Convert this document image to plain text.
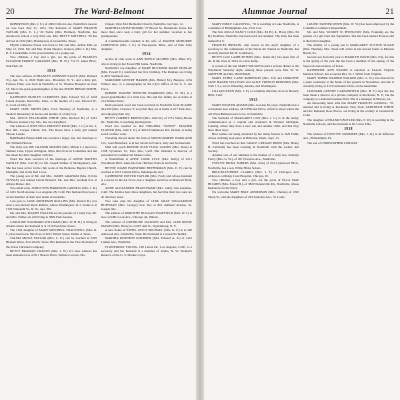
20	The Ward-Belmont	Alumnae Journal	21

ROBERTSON (Mrs. I. E.) of 2600 Clifton Lane, Nashville's newest tot was born July 21, 1931. The husband of MARY HEATON TAYLOR (Mrs. E. L.) '29 Treble (Mrs. Holmes), Nashville, has enrolled in school a very little one. Mrs. BETTY MITCHELL '30 has arrived in 1932 (Mrs. Henderson) of Greenville, Texas.

Phyllis Catherine Eason was born to Mr. and Mrs. Arthur Ellis on May 12, 1932. Mr. and Mrs. Frank Shearer, Jackson, (Mrs. I. R.) Mrs. R. F. Loudermilk, is the proud mother of a young son.

Two children, a boy and a girl, are the pride of FRANCES ELEANOR PRIDDY CARAWAY (Mrs. H. W.), 712 N. Ames Blvd., Oak Park, Ill.

1930

The new address of FRANCES JOHNSON SAUCE (Mrs. Richard W.), Apt. No. 4, 2020 Ninth Ave., Brooklyn, N. Y., and a little girl, Frances Ellen, was born in Nashville at St. Thomas Hospital on June 10. She is the great-granddaughter of the late JESSIE BRYAN SMITH, Louisville.

KATHLEEN DUDLEY CLEMENTS (Mrs. Edward W.) of 1618 Laurel Avenue, Knoxville, Tenn., is the mother of a son, Edward W., Jr., born on May 10.

MARY JANE SMITH (Mrs. Ford Thomas) of Nashville, is a medical missionary in Korea and mother of a baby boy.

Mrs. JOYCE PELLEGRINI WHITE (Mrs. Richard B.) of 2201 Jefferson, Kansas City, Mo., has two daughters.

The address of JUNE NELL PREWITT ROSE (Mrs. J. C.) is No. 2, Box 661, Corpus Christi, Tex. The Roses have a baby girl named Sharon Louise.

BARBARA HAGGARD has reached a happy day, her marriage to Mr. William Horton.

The baby son JOE CRANOR MOODY (Mrs. Milton L.) moved to Sumner Lane, Upper Arlington, Ohio. Rita lives in Columbus and she has taken her little daughter with her.

Word has been received of the marriage of ANNIE HAVENS SAVILLE (Mrs. Carl M.) to Mr. Joseph Walker of Montgomery, Ala. She has been active in the club work of the Bellevue Baptist Church, Memphis, and in the Red Cross.

The young son of Mr. and Mrs. JAMES GRAHAM (Mrs. JULIA TUSSLE) was named David Bernard. Mr. and Mrs. Graham live at Albion Manor, Ind.

Two small sons, JUDD LYNN HARRISON CARNELL (Mrs. J. D.) of 1401 North Avenue, Los Angeles 28, Calif. Her husband has been a recent member of their new home in Glendale.

Last year to JANE ANDERSON ROLLINS (Mrs. Robert B.) was born a son, Robert Ryan Rollins, whose Washington, D. C. home is at 1509 Sixteenth St., N. W., Apt. 302.

Mr. and Mrs. MAURY WALLER are the parents of a baby boy. Mr. and Mrs. Waller are still living at 3806 Park Avenue.

CAROLINE WOODARD WILLIAMS (Mrs. W. H. B.) is living in Atlanta where her husband is at 1310 Peachtree Street.

The 1300 daughter of MARY MITCHELL TRACEWELL (Mrs. R. L.) has been born. She lives at 4015 Nichol Street, Dallas 4, Texas.

TALMA MICKS TAYLOR (Mrs. C. E.) can be reached at 5205 Hialeah Drive, Fort Worth, Texas. Her husband is the Vice-President of the Texas Christian Company.

BETTY BRAMAN CRAVEN (Mrs. I. W.) Jr.'s new address has been announced as of 811 Sharon Drive, Webster Groves, Mo.

Chapel, West End Methodist Church, Nashville, last Sept. 12.

MARTHA LOUISE MOORE, '37 Brown St., Beaumont, Texas, has more than once took a baby girl for her summer vacation to her grandparents.

A Commonwealth resident is the wife of JOANNE McMURRY COMSTOCK (Mrs. J. E.) of Pascagoula, Miss., and of their baby daughter.

1934

Active in club work is ANN BOYLE McGHEE (Mrs. Mike W.), who is living in her Forest Hill home, Nashville.

Nashville's top daughter of MARY BUCKNER MARY DUNLAP (Mrs. Powell E.) celebrated her first birthday. The Dunlaps are living at 4011 Seminole Ave.

MARJORIE GENTRY HARRIS (Mrs. Hubert M.), Burgess, 1234 Willow Ave., is a stenographer in the City's Office of the U. S. Air Force.

ROBBIE JOANNE SPENCER HARRISON (Mrs. W. M.) is a proud grandmother of a little boy. She and her family are at home at 214 Walnut Drive.

Kind personal word has been received in Nashville from ELAINE ALLEN (Mrs. Clarence T. Lee) that they are at home at 617 Park Ave., and enjoying their city.

BETTY CORBITT BROWN (Mrs. John W.) of 1731 Valley Brook Dr., Nashville, is teaching kindergarten.

Word has reached us that VIRGINIA "SUNNY" FRAZIER FLOWER (Mrs. John T. Jr.) of 4924 Frankmoore Rd., Detroit, is doing social welfare work.

Traveling abroad under the firm of MONTGOMERY WARD AND CO., Joan Bransford, is in her travels in France, Italy and Switzerland.

Mail will reach BONNIE JEAN FLICK GOODY (Mrs. Peter) at 1508 Sycamore St., Palo Alto, Calif. Her husband is director of personnel in Commercial Mouse Cafes.

A Nashvillian is ANNE COOK LYLE (Mrs. Kelly) of 2211 Woodmont Blvd. Anne has four children, Patricia and Kelly.

BETTIE JOANE HANSFORD HEFFERMAN (Mrs. E. F.) can be reached at 1015 Central Drive, Indianapolis, Ind.

CATHERINE POTTER TAYLOR (Mrs. Fred) and whose husband is a doctor in the Air Force, has a daughter and lives at Maxwell Field, Ala.

ANNE ALEXANDER BEAUCHAMP (Mrs. John), San Anselmo, Calif. The Kiddos have three daughters, but feel that their two sons are all that they need.

Two sons plus the daughter of JANE GRAY WILLIAMSON HUFFMAN (Mrs. George) now live at 801 Ashland Avenue, St. Joseph, Mo.

The address of DOROTHY DUGGAN SWAFFIELD (Mrs. W. J.) is now at 6481 Cook Ave., Chicago 44, Illinois.

The address of GERTRUDE JACKSON and Mrs. JANE REESE MASON (Mrs. Harry) is at 607 Ash St., Ogdensburg, N. Y.

A new home of ETHEL JOYCE MICHAEL (Mrs. K. P.) is at 200 Ashwood Ave., Nashville, Tenn. Her husband is a research chemist.

MARTHA KENNEDY KOERNER (Mrs. Edward A. Jr.) of 1416 Linden Ave., Nashville.

FLOWERDAY YOUNG, 198 Lenox Dr., Los Angeles, Calif., is a secretary and her husband is a member of Aruba, N. W. Women's Reserve of the U. S. Marine Corps.

MARY EMILY CALDWELL, '35 is teaching at Lake Nashville, is a member of Birmingham, Ala., First Cav.

The first child of NANCY COLE (Mrs. Ed H.) Jr., Harry (Mrs. Ed H.) Dobbins, Nashville, has been born last summer. The baby has been named Ed Jr.

FRANCES BRITAIN, who leaves in the April daughter of a secretary to the commander of the Naval Air Station in Nashville, has recently married Mr. B. Goldsberry.

BETTY LOU LAMB PETERS (Mrs. James M.) has been first of all, in the class of 1934, in a new home.

A cousin of the late MARY WILSON hosted a private dinner at the Wardmont Saturday night. Among those present were Mrs. W. W. GRIFFITH and Mrs. BOWMAN.

MARY ETHEL LANE ROBINSON (Mrs. Ed) and DOROTHY JANE BAKER SULLIVAN and ALICE FRENCH REDFORD (Mrs. Tom J. S.), are in Wheeling, Atlanta, and Washington.

LILLIAN KEEN (Mrs. I. F.) a Columbia librarian, lives in Beverly Hills, Calif.

1935

MARY WEAVER ADAMS (Mrs. Gordon M.) says, Nashville has a convenient new address, 1813 Hilcrest Drive, which is about where the old Ward-Belmont used to be, in Nashville.

The husband of MARGARET COX (Mrs. J. L.) is in the Army, commissioned as a captain and stationed in Western Michigan, Lansing, where they have a new son and another child, and that they have three boys.

Best wishes are being extended by her many friends to JAN FAIR, whose wedding took place in Bellevue, Wash., Sept. 15.

Word has reached us that GRACE CREAGH BOND (Mrs. Henry B. Caldwell) has been working in Nashville with the Ladies' Aid Society.

Another one of our alumnae is the mother of a baby boy. Kathryn Fancy (Mrs. G. W.), of 201 Florence Ave., Nashville.

EVELYN HICKS SOBERS (Mrs. Jack) of 614 Lynnwood Blvd., Nashville, has a son, Willie Hicks Sobers.

BRUCKLEY/HERE CLARK's (Mrs. I. F.) of Chicago's new address is at Ridge Crest Hospital, Chicago, Ill.

Two children, a boy and a girl, are the pride of ELLA MAE HUGHES (Mrs. Ernest H.), of 3820 Nolensville Rd., Nashville, whose husband is in the Navy.

We welcome MARY HOLT ANDERSON (Mrs. Charles) of 1302 Sharp St., and the daughters of 204 Saturday Ave., St. Louis.

LOUISE TANNER OWEN (Mrs. W. W.) has been employed by the Columbia Commerce Department.

Mr. and Mrs. WOODY W. BYINGTON (Mrs. Franklin) are the parents of a girl born last September. She has been named Frances and is their third daughter.

The mother of a young son is MARGARET SUTTON SLOAN (Mrs. Thomas). Mrs. Sloan will arrive in her newest home at Mission Beach, Pa.

Second son born this year is MARILYN DAVIS (Mrs. Ed), for this is the spring of the year she has been a member of the spring, of the Stopcock Association, of Texas.

KATHERINE ANN WOODS is enrolled at Eastern Virginia Medical School, has accepted Mrs. W. J. Willis from Virginia.

MARY TOBER WARNER WALKER (Mrs. S. W.) was married in a quiet ceremony at the home of her parents in November, and she is currently living at 415 Eastbourne Drive, in the meantime.

LEONARD GENTRY CARSONFIELD (Mrs. H. T.) says she has been made a director of a private company at Rochester, N. Y., but the company is a national business firm. She is a manager in Macon, Ga.

An interesting letter tells that MARY FRANCES GASKILL, '35, married and is living at Rochester, New York; GERTRUDE WHITE and her husband, Rose Pierce, are living in the country at Greenwich, Conn.

The daughter of FRANK'S BUTLER (Mrs. F. W.) is teaching in the Nashville schools, and her husband is Dr. Cleve Ellis.

1938

The address of FAYETTE SOMMERS (Mrs. J. D.) is 42 Jefferson Ave., Philadelphia, Pa.

The son of CHRISTOPHER LINDSAY
